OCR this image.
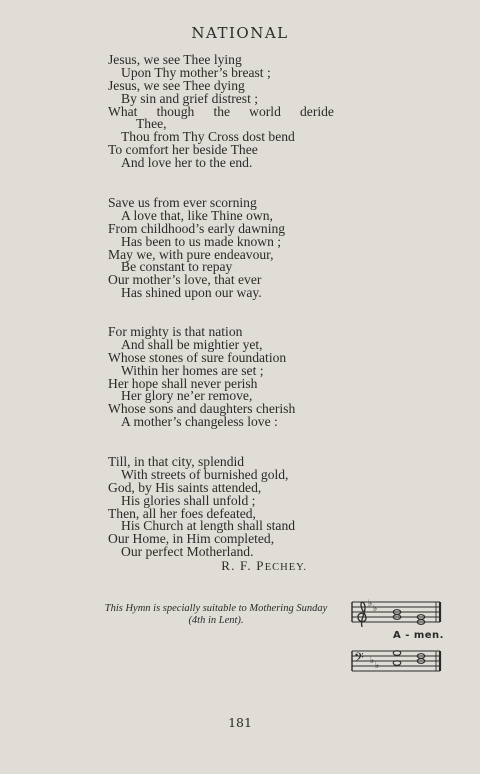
NATIONAL
Jesus, we see Thee lying
Upon Thy mother’s breast ;
Jesus, we see Thee dying
By sin and grief distrest ;
What though the world deride
Thee,
Thou from Thy Cross dost bend
To comfort her beside Thee
And love her to the end.
Save us from ever scorning
A love that, like Thine own,
From childhood’s early dawning
Has been to us made known ;
May we, with pure endeavour,
Be constant to repay
Our mother’s love, that ever
Has shined upon our way.
For mighty is that nation
And shall be mightier yet,
Whose stones of sure foundation
Within her homes are set ;
Her hope shall never perish
Her glory ne’er remove,
Whose sons and daughters cherish
A mother’s changeless love :
Till, in that city, splendid
With streets of burnished gold,
God, by His saints attended,
His glories shall unfold ;
Then, all her foes defeated,
His Church at length shall stand
Our Home, in Him completed,
Our perfect Motherland.
R. F. PECHEY.
This Hymn is specially suitable to Mothering Sunday
(4th in Lent).
♭ ♭
𝄢 ♭ ♭
A - men.
181
